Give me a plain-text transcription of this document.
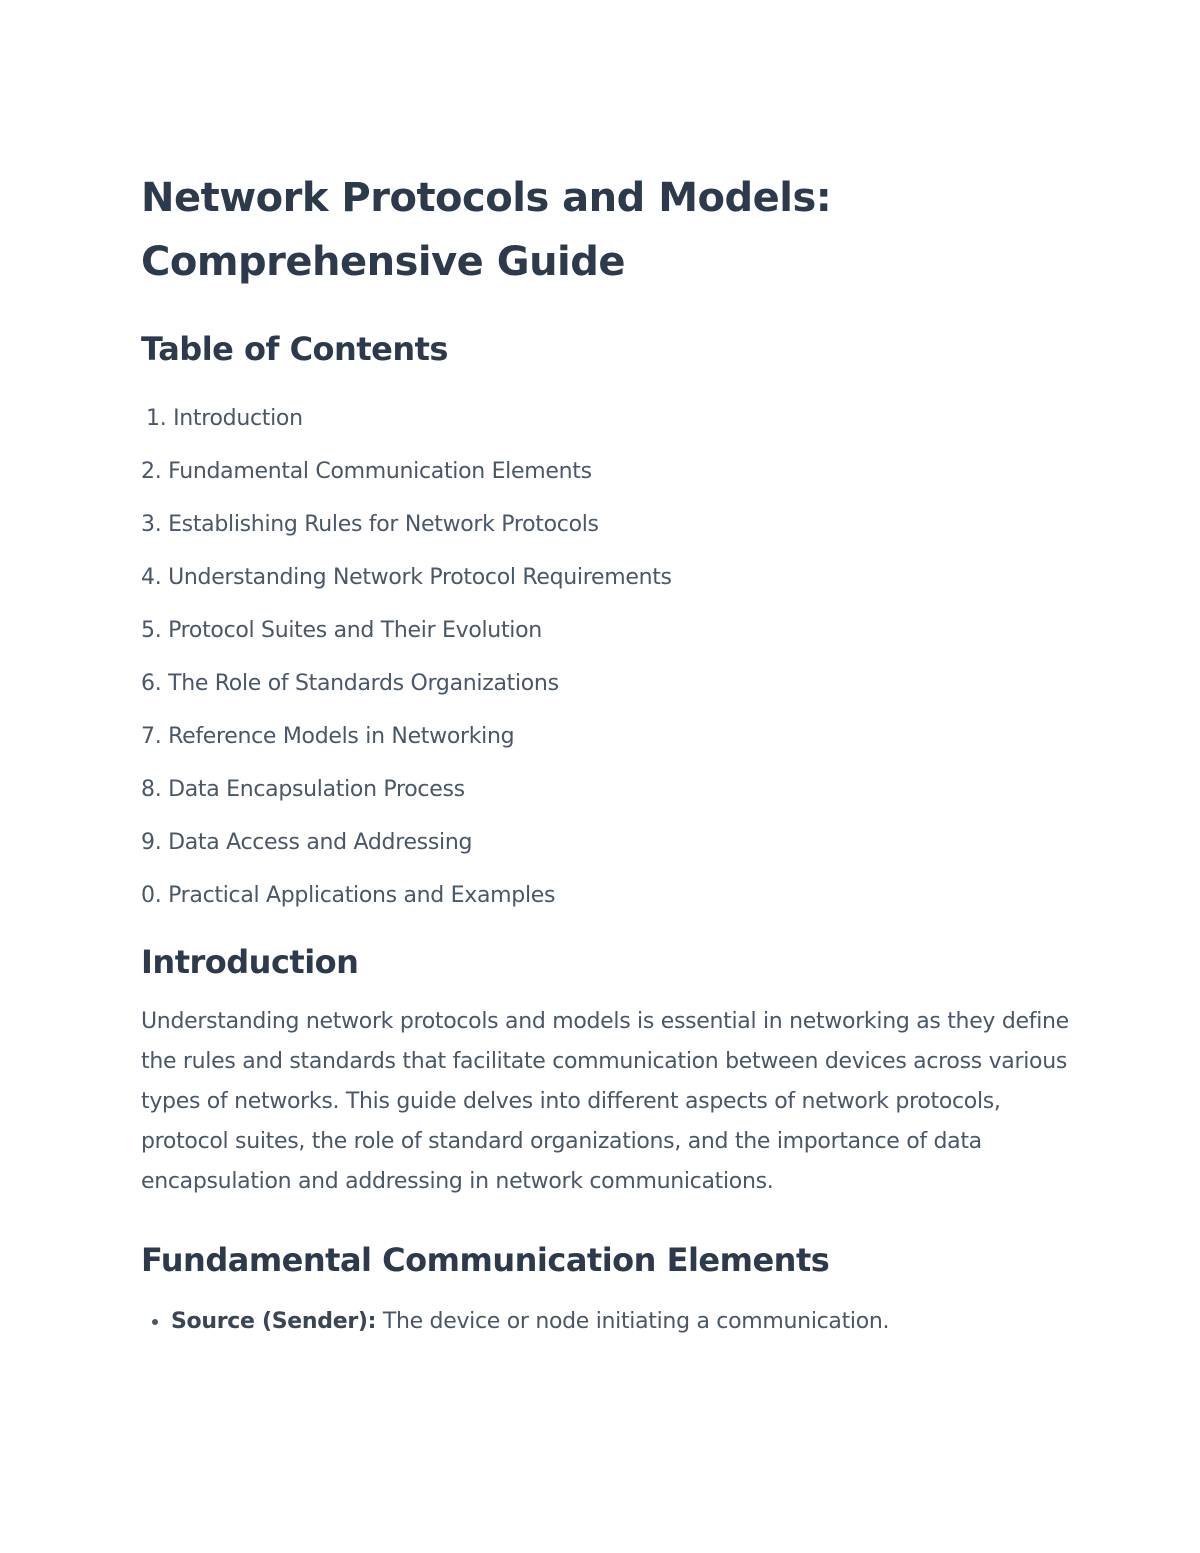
Network Protocols and Models:
Comprehensive Guide
Table of Contents
1. Introduction
2. Fundamental Communication Elements
3. Establishing Rules for Network Protocols
4. Understanding Network Protocol Requirements
5. Protocol Suites and Their Evolution
6. The Role of Standards Organizations
7. Reference Models in Networking
8. Data Encapsulation Process
9. Data Access and Addressing
0. Practical Applications and Examples
Introduction

Understanding network protocols and models is essential in networking as they define the rules and standards that facilitate communication between devices across various types of networks. This guide delves into different aspects of network protocols, protocol suites, the role of standard organizations, and the importance of data encapsulation and addressing in network communications.

Fundamental Communication Elements
• Source (Sender): The device or node initiating a communication.
